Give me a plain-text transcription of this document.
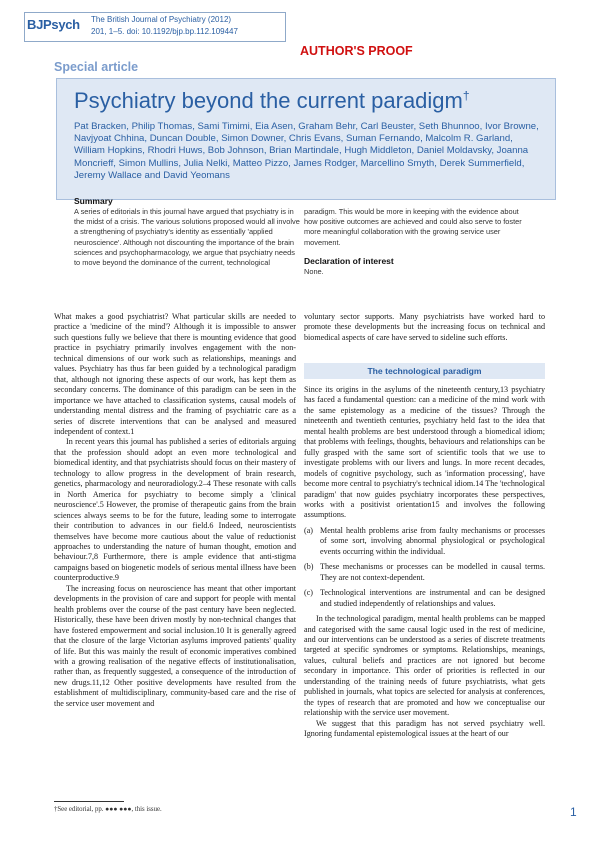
BJPsych The British Journal of Psychiatry (2012)
201, 1–5. doi: 10.1192/bjp.bp.112.109447
AUTHOR'S PROOF
Special article
Psychiatry beyond the current paradigm†
Pat Bracken, Philip Thomas, Sami Timimi, Eia Asen, Graham Behr, Carl Beuster, Seth Bhunnoo, Ivor Browne, Navjyoat Chhina, Duncan Double, Simon Downer, Chris Evans, Suman Fernando, Malcolm R. Garland, William Hopkins, Rhodri Huws, Bob Johnson, Brian Martindale, Hugh Middleton, Daniel Moldavsky, Joanna Moncrieff, Simon Mullins, Julia Nelki, Matteo Pizzo, James Rodger, Marcellino Smyth, Derek Summerfield, Jeremy Wallace and David Yeomans
Summary
A series of editorials in this journal have argued that psychiatry is in the midst of a crisis. The various solutions proposed would all involve a strengthening of psychiatry's identity as essentially 'applied neuroscience'. Although not discounting the importance of the brain sciences and psychopharmacology, we argue that psychiatry needs to move beyond the dominance of the current, technological
paradigm. This would be more in keeping with the evidence about how positive outcomes are achieved and could also serve to foster more meaningful collaboration with the growing service user movement.
Declaration of interest
None.

What makes a good psychiatrist? What particular skills are needed to practice a 'medicine of the mind'? Although it is impossible to answer such questions fully we believe that there is mounting evidence that good practice in psychiatry primarily involves engagement with the non-technical dimensions of our work such as relationships, meanings and values. Psychiatry has thus far been guided by a technological paradigm that, although not ignoring these aspects of our work, has kept them as secondary concerns. The dominance of this paradigm can be seen in the importance we have attached to classification systems, causal models of understanding mental distress and the framing of psychiatric care as a series of discrete interventions that can be analysed and measured independent of context.1

In recent years this journal has published a series of editorials arguing that the profession should adopt an even more technological and biomedical identity, and that psychiatrists should focus on their mastery of technology to allow progress in the development of brain research, genetics, pharmacology and neuroradiology.2–4 These resonate with calls in North America for psychiatry to become simply a 'clinical neuroscience'.5 However, the promise of therapeutic gains from the brain sciences always seems to be for the future, leading some to interrogate their contribution to advances in our field.6 Indeed, neuroscientists themselves have become more cautious about the value of reductionist approaches to understanding the nature of human thought, emotion and behaviour.7,8 Furthermore, there is ample evidence that anti-stigma campaigns based on biogenetic models of serious mental illness have been counterproductive.9

The increasing focus on neuroscience has meant that other important developments in the provision of care and support for people with mental health problems over the course of the past century have been neglected. Historically, these have been driven mostly by non-technical changes that have fostered empowerment and social inclusion.10 It is generally agreed that the closure of the large Victorian asylums improved patients' quality of life. But this was mainly the result of economic imperatives combined with a growing realisation of the negative effects of institutionalisation, rather than, as frequently suggested, a consequence of the introduction of new drugs.11,12 Other positive developments have resulted from the establishment of multidisciplinary, community-based care and the rise of the service user movement and

voluntary sector supports. Many psychiatrists have worked hard to promote these developments but the increasing focus on technical and biomedical aspects of care have served to sideline such efforts.

The technological paradigm

Since its origins in the asylums of the nineteenth century,13 psychiatry has faced a fundamental question: can a medicine of the mind work with the same epistemology as a medicine of the tissues? Through the nineteenth and twentieth centuries, psychiatry held fast to the idea that mental health problems are best understood through a biomedical idiom; that problems with feelings, thoughts, behaviours and relationships can be fully grasped with the same sort of scientific tools that we use to investigate problems with our livers and lungs. In more recent decades, models of cognitive psychology, such as 'information processing', have become more central to psychiatry's technical idiom.14 The 'technological paradigm' that now guides psychiatry incorporates these perspectives, works with a positivist orientation15 and involves the following assumptions.

(a) Mental health problems arise from faulty mechanisms or processes of some sort, involving abnormal physiological or psychological events occurring within the individual.
(b) These mechanisms or processes can be modelled in causal terms. They are not context-dependent.
(c) Technological interventions are instrumental and can be designed and studied independently of relationships and values.

In the technological paradigm, mental health problems can be mapped and categorised with the same causal logic used in the rest of medicine, and our interventions can be understood as a series of discrete treatments targeted at specific syndromes or symptoms. Relationships, meanings, values, cultural beliefs and practices are not ignored but become secondary in importance. This order of priorities is reflected in our understanding of the training needs of future psychiatrists, what gets published in journals, what topics are selected for analysis at conferences, the types of research that are promoted and how we conceptualise our relationship with the service user movement.

We suggest that this paradigm has not served psychiatry well. Ignoring fundamental epistemological issues at the heart of our

†See editorial, pp. ●●● ●●●, this issue.	1
